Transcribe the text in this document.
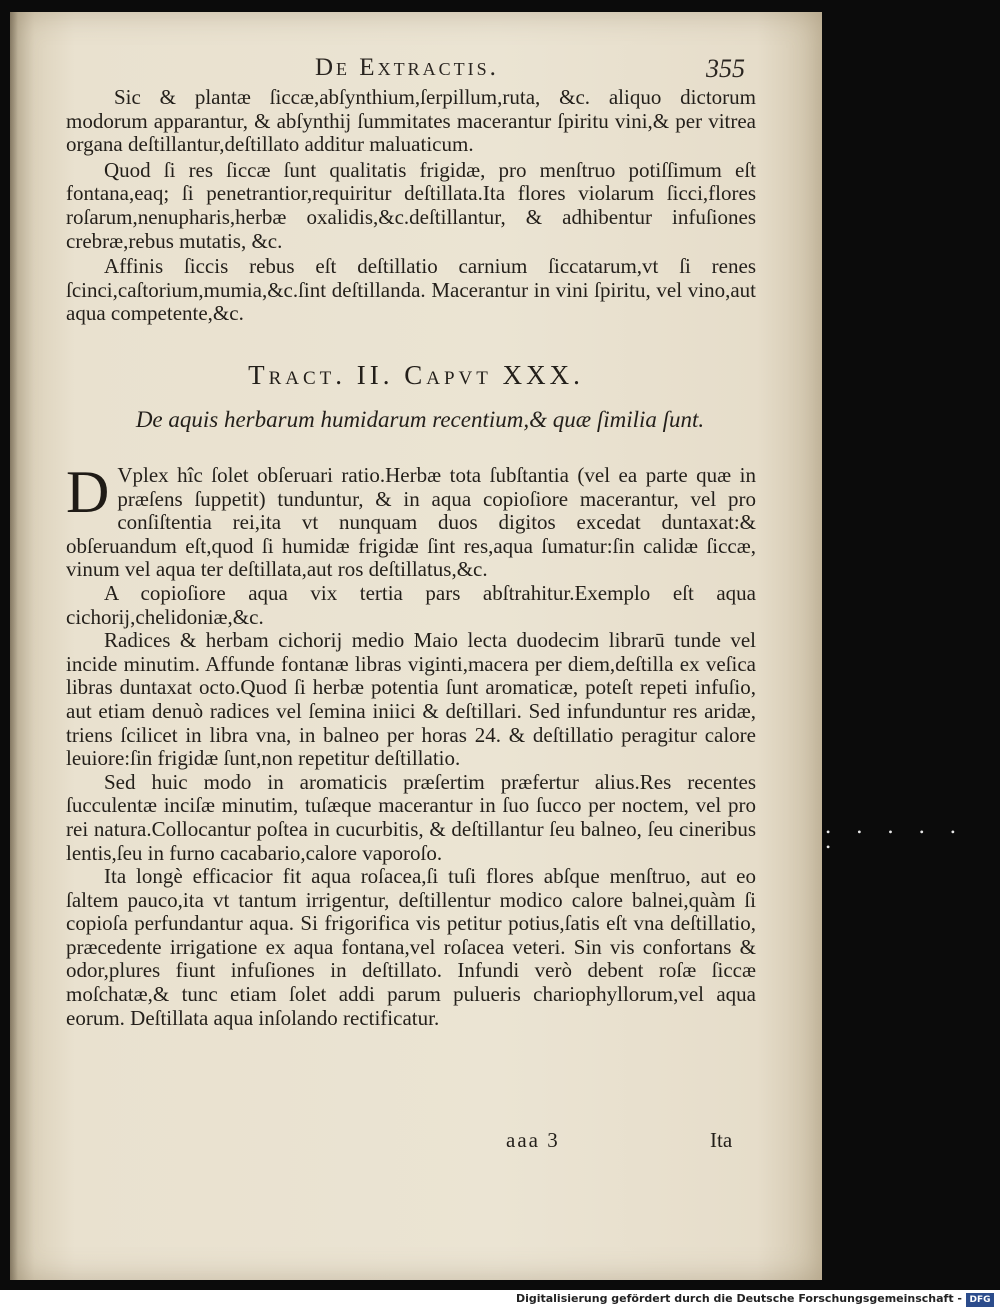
De Extractis.	355

Sic & plantæ ſiccæ,abſynthium,ſerpillum,ruta, &c. aliquo dictorum modorum apparantur, & abſynthij ſummitates macerantur ſpiritu vini,& per vitrea organa deſtillantur,deſtillato additur maluaticum.

Quod ſi res ſiccæ ſunt qualitatis frigidæ, pro menſtruo potiſſimum eſt fontana,eaq; ſi penetrantior,requiritur deſtillata.Ita flores violarum ſicci,flores roſarum,nenupharis,herbæ oxalidis,&c.deſtillantur, & adhibentur infuſiones crebræ,rebus mutatis, &c.

Affinis ſiccis rebus eſt deſtillatio carnium ſiccatarum,vt ſi renes ſcinci,caſtorium,mumia,&c.ſint deſtillanda. Macerantur in vini ſpiritu, vel vino,aut aqua competente,&c.

Tract. II. Capvt XXX.
De aquis herbarum humidarum recentium,& quæ ſimilia ſunt.
D Vplex hîc ſolet obſeruari ratio.Herbæ tota ſubſtantia (vel ea parte quæ in præſens ſuppetit) tunduntur, & in aqua copioſiore macerantur, vel pro conſiſtentia rei,ita vt nunquam duos digitos excedat duntaxat:& obſeruandum eſt,quod ſi humidæ frigidæ ſint res,aqua ſumatur:ſin calidæ ſiccæ, vinum vel aqua ter deſtillata,aut ros deſtillatus,&c.

A copioſiore aqua vix tertia pars abſtrahitur.Exemplo eſt aqua cichorij,chelidoniæ,&c.

Radices & herbam cichorij medio Maio lecta duodecim librarū tunde vel incide minutim. Affunde fontanæ libras viginti,macera per diem,deſtilla ex veſica libras duntaxat octo.Quod ſi herbæ potentia ſunt aromaticæ, poteſt repeti infuſio, aut etiam denuò radices vel ſemina iniici & deſtillari. Sed infunduntur res aridæ, triens ſcilicet in libra vna, in balneo per horas 24. & deſtillatio peragitur calore leuiore:ſin frigidæ ſunt,non repetitur deſtillatio.

Sed huic modo in aromaticis præſertim præfertur alius.Res recentes ſucculentæ inciſæ minutim, tuſæque macerantur in ſuo ſucco per noctem, vel pro rei natura.Collocantur poſtea in cucurbitis, & deſtillantur ſeu balneo, ſeu cineribus lentis,ſeu in furno cacabario,calore vaporoſo.

Ita longè efficacior fit aqua roſacea,ſi tuſi flores abſque menſtruo, aut eo ſaltem pauco,ita vt tantum irrigentur, deſtillentur modico calore balnei,quàm ſi copioſa perfundantur aqua. Si frigorifica vis petitur potius,ſatis eſt vna deſtillatio, præcedente irrigatione ex aqua fontana,vel roſacea veteri. Sin vis confortans & odor,plures fiunt infuſiones in deſtillato. Infundi verò debent roſæ ſiccæ moſchatæ,& tunc etiam ſolet addi parum pulueris chariophyllorum,vel aqua eorum. Deſtillata aqua inſolando rectificatur.

aaa 3	Ita
• • • • • •
Digitalisierung gefördert durch die Deutsche Forschungsgemeinschaft - DFG
